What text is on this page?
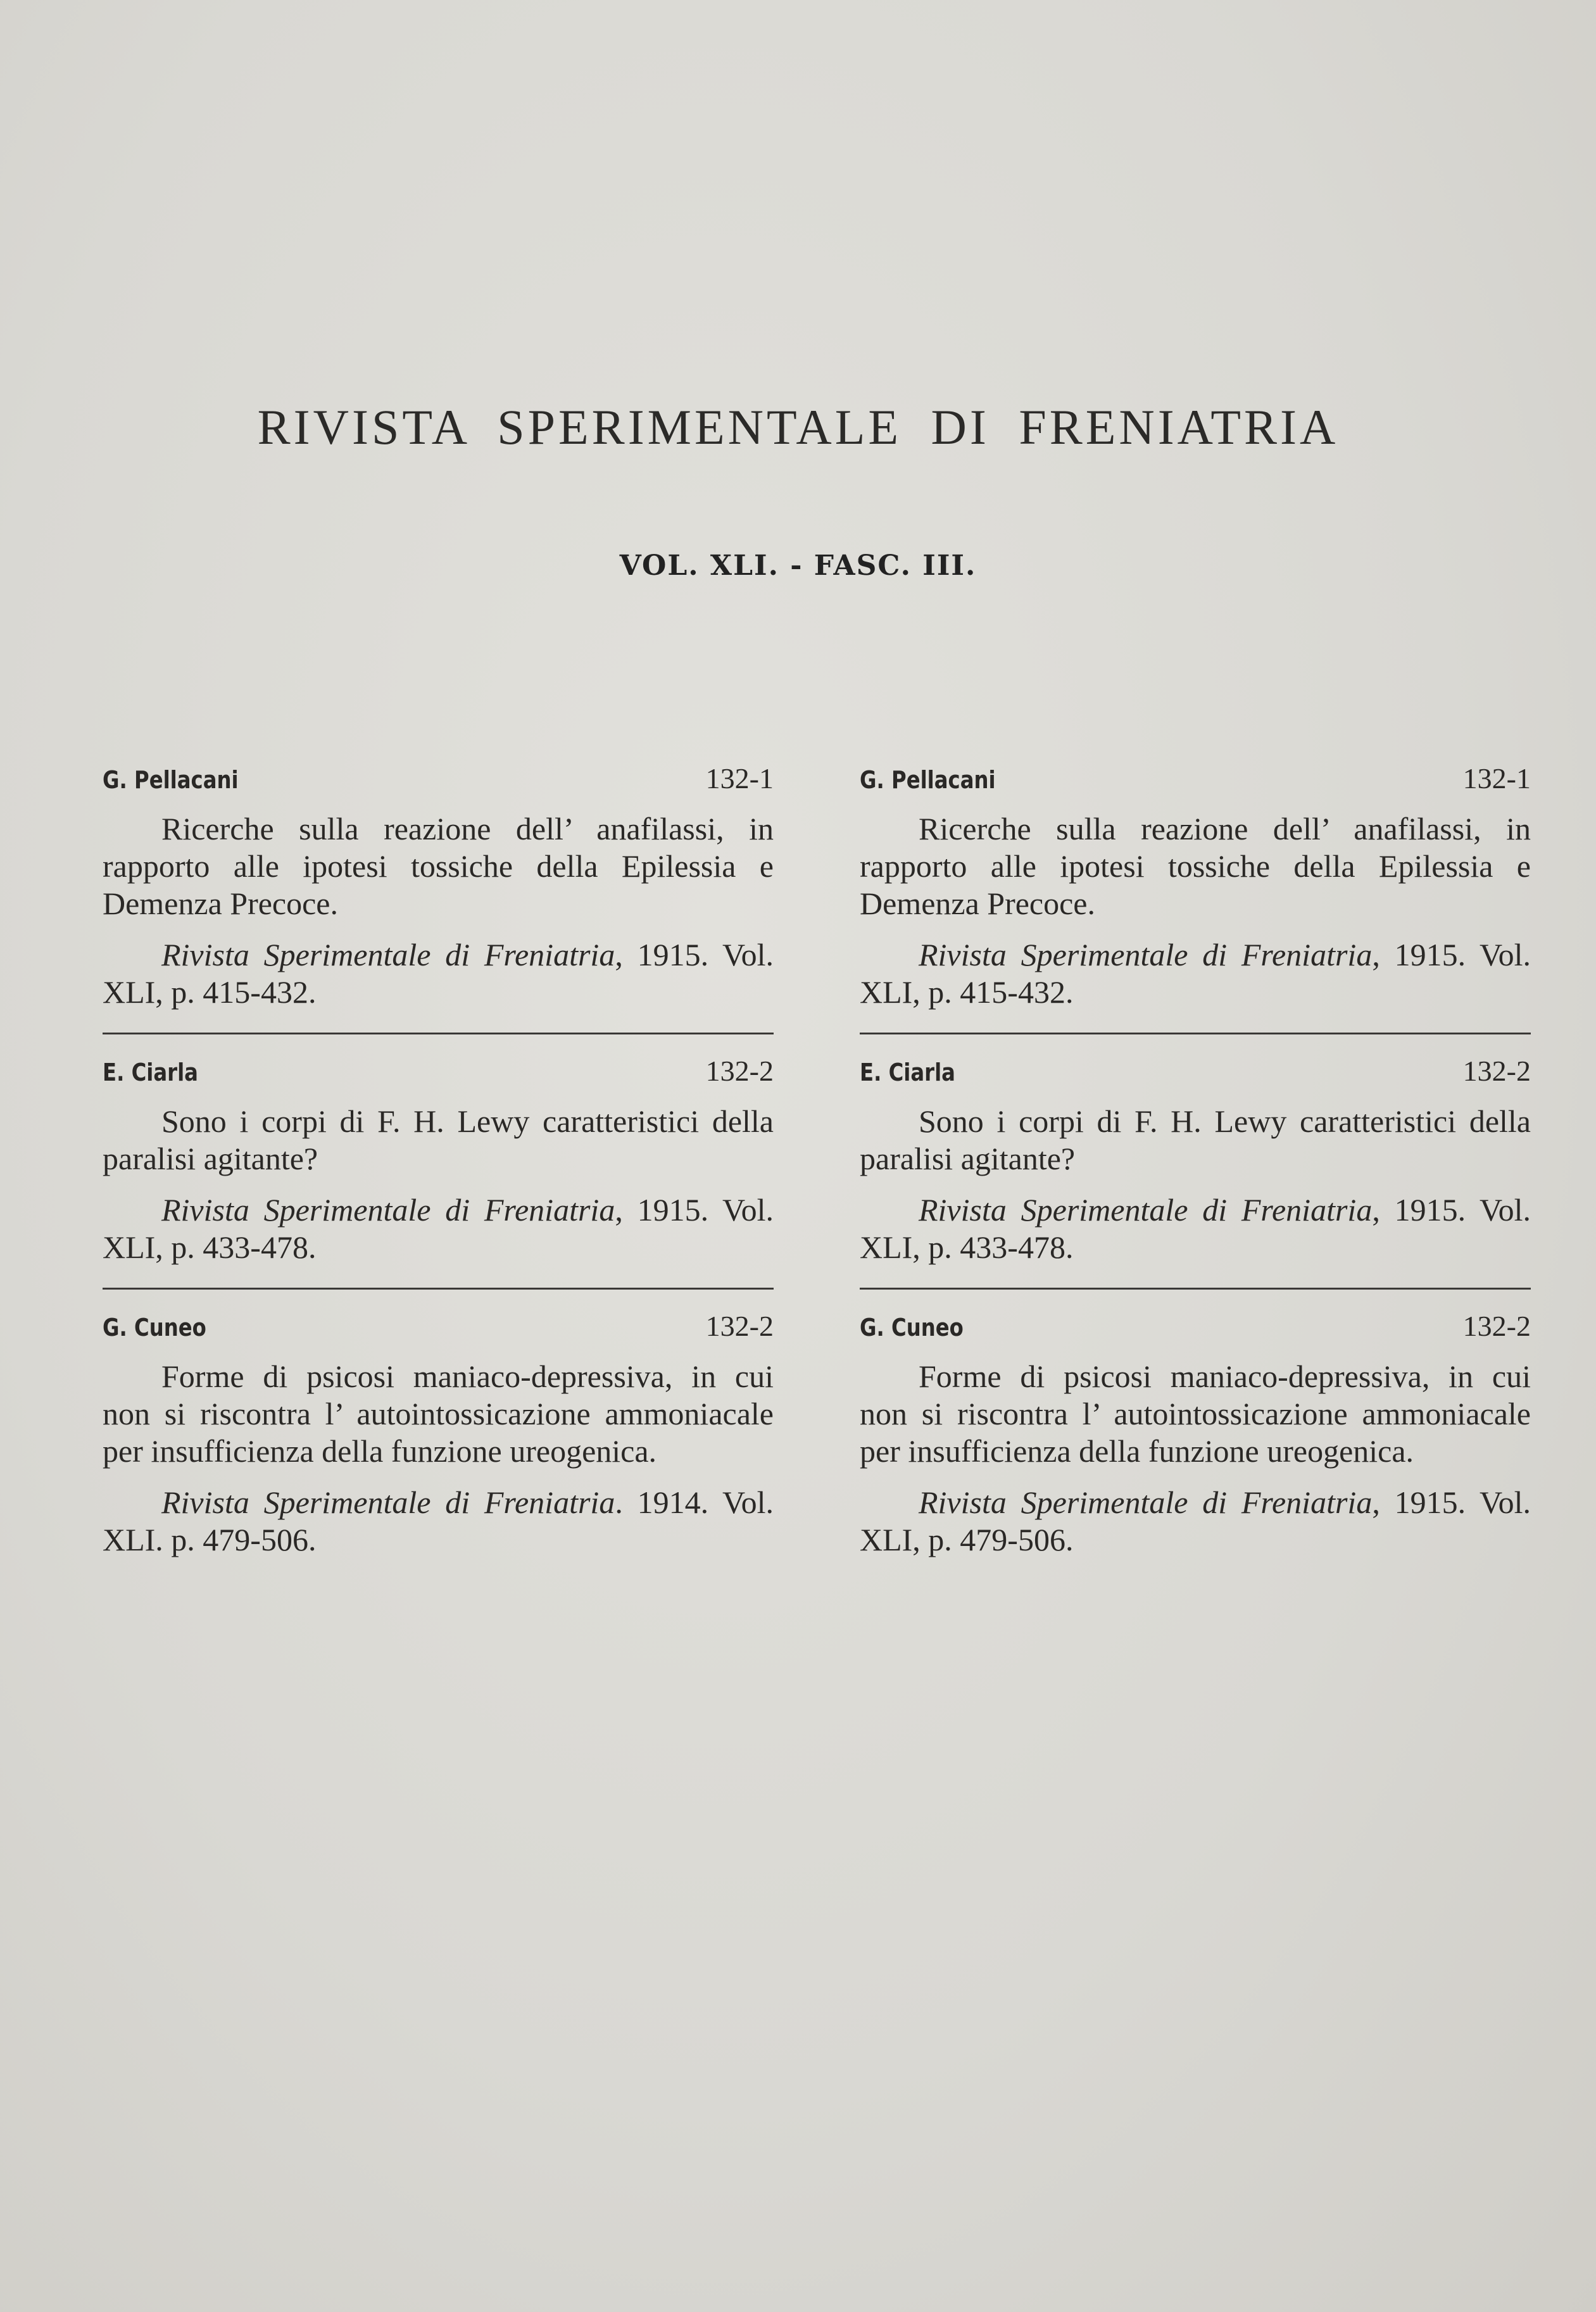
RIVISTA SPERIMENTALE DI FRENIATRIA
VOL. XLI. - FASC. III.
G. Pellacani	132-1
Ricerche sulla reazione dell’ anafilassi, in rapporto alle ipotesi tossiche della Epilessia e Demenza Precoce.
Rivista Sperimentale di Freniatria, 1915. Vol. XLI, p. 415-432.
E. Ciarla	132-2
Sono i corpi di F. H. Lewy caratteristici della paralisi agitante?
Rivista Sperimentale di Freniatria, 1915. Vol. XLI, p. 433-478.
G. Cuneo	132-2
Forme di psicosi maniaco-depressiva, in cui non si riscontra l’ autointossicazione ammoniacale per insufficienza della funzione ureogenica.
Rivista Sperimentale di Freniatria. 1914. Vol. XLI. p. 479-506.
G. Pellacani	132-1
Ricerche sulla reazione dell’ anafilassi, in rapporto alle ipotesi tossiche della Epilessia e Demenza Precoce.
Rivista Sperimentale di Freniatria, 1915. Vol. XLI, p. 415-432.
E. Ciarla	132-2
Sono i corpi di F. H. Lewy caratteristici della paralisi agitante?
Rivista Sperimentale di Freniatria, 1915. Vol. XLI, p. 433-478.
G. Cuneo	132-2
Forme di psicosi maniaco-depressiva, in cui non si riscontra l’ autointossicazione ammoniacale per insufficienza della funzione ureogenica.
Rivista Sperimentale di Freniatria, 1915. Vol. XLI, p. 479-506.
